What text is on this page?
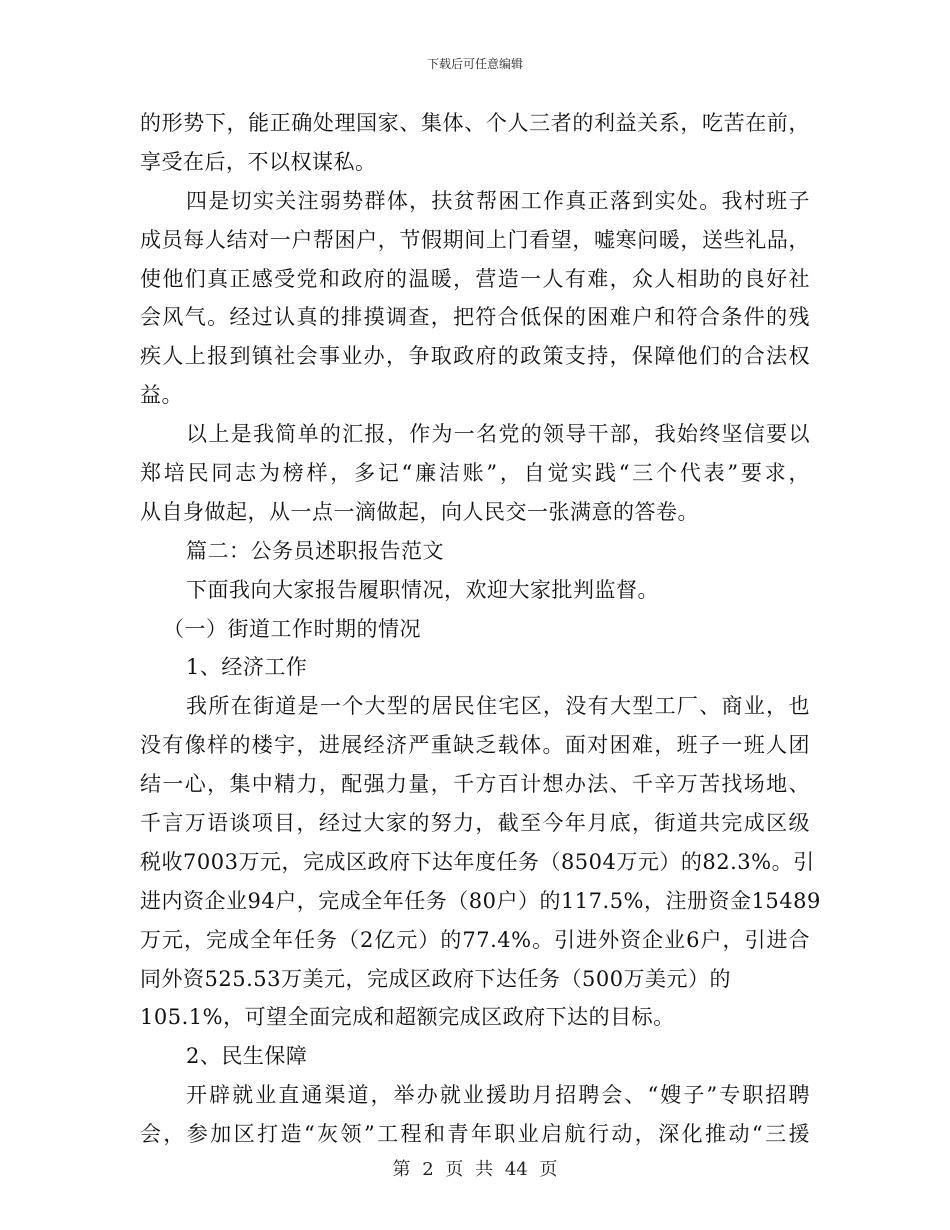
下载后可任意编辑
的形势下，能正确处理国家、集体、个人三者的利益关系，吃苦在前，
享受在后，不以权谋私。
四是切实关注弱势群体，扶贫帮困工作真正落到实处。我村班子
成员每人结对一户帮困户，节假期间上门看望，嘘寒问暖，送些礼品，
使他们真正感受党和政府的温暖，营造一人有难，众人相助的良好社
会风气。经过认真的排摸调查，把符合低保的困难户和符合条件的残
疾人上报到镇社会事业办，争取政府的政策支持，保障他们的合法权
益。
以上是我简单的汇报，作为一名党的领导干部，我始终坚信要以
郑培民同志为榜样，多记“廉洁账”，自觉实践“三个代表”要求，
从自身做起，从一点一滴做起，向人民交一张满意的答卷。
篇二：公务员述职报告范文
下面我向大家报告履职情况，欢迎大家批判监督。
（一）街道工作时期的情况
1、经济工作
我所在街道是一个大型的居民住宅区，没有大型工厂、商业，也
没有像样的楼宇，进展经济严重缺乏载体。面对困难，班子一班人团
结一心，集中精力，配强力量，千方百计想办法、千辛万苦找场地、
千言万语谈项目，经过大家的努力，截至今年月底，街道共完成区级
税收7003万元，完成区政府下达年度任务（8504万元）的82.3%。引
进内资企业94户，完成全年任务（80户）的117.5%，注册资金15489
万元，完成全年任务（2亿元）的77.4%。引进外资企业6户，引进合
同外资525.53万美元，完成区政府下达任务（500万美元）的
105.1%，可望全面完成和超额完成区政府下达的目标。
2、民生保障
开辟就业直通渠道，举办就业援助月招聘会、“嫂子”专职招聘
会，参加区打造“灰领”工程和青年职业启航行动，深化推动“三援
第 2 页 共 44 页
